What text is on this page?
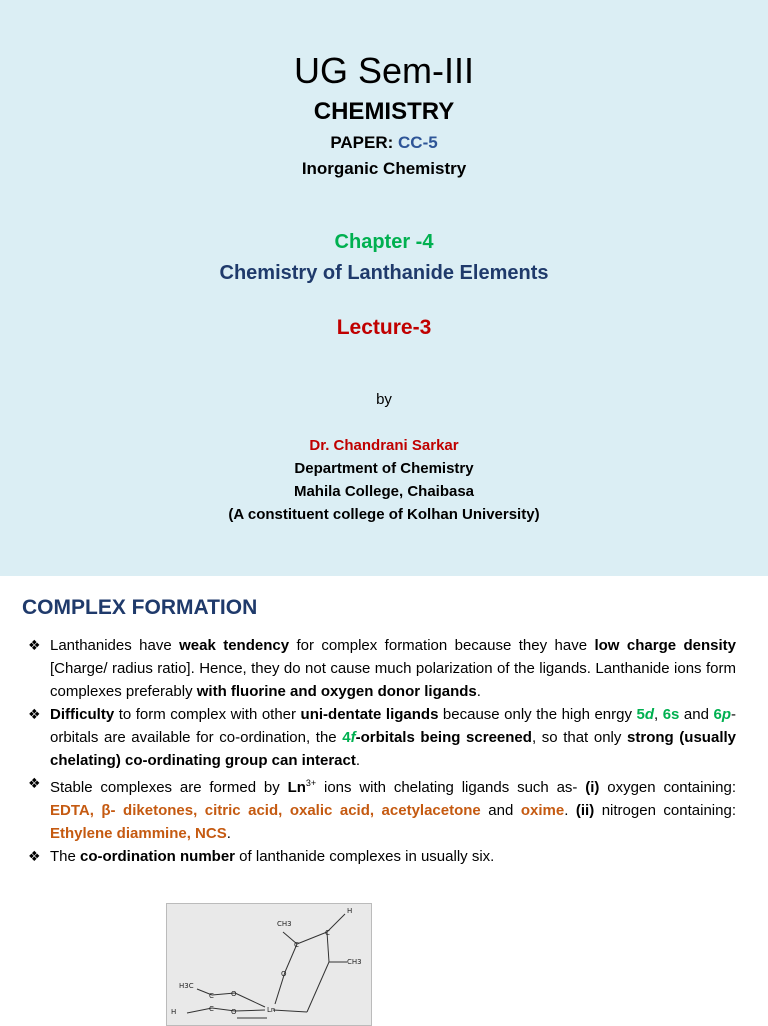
UG Sem-III
CHEMISTRY
PAPER: CC-5
Inorganic Chemistry
Chapter -4
Chemistry of Lanthanide Elements
Lecture-3
by
Dr. Chandrani Sarkar
Department of Chemistry
Mahila College, Chaibasa
(A constituent college of Kolhan University)
COMPLEX FORMATION
❖ Lanthanides have weak tendency for complex formation because they have low charge density [Charge/ radius ratio]. Hence, they do not cause much polarization of the ligands. Lanthanide ions form complexes preferably with fluorine and oxygen donor ligands.
❖ Difficulty to form complex with other uni-dentate ligands because only the high enrgy 5d, 6s and 6p- orbitals are available for co-ordination, the 4f-orbitals being screened, so that only strong (usually chelating) co-ordinating group can interact.
❖ Stable complexes are formed by $Ln^{3+}$ ions with chelating ligands such as- (i) oxygen containing:  EDTA, β- diketones, citric acid, oxalic acid, acetylacetone and oxime. (ii) nitrogen containing: Ethylene diammine, NCS.
❖ The co-ordination number of lanthanide complexes in usually six.
CH3
H
CH3
H3C
H	Ln
O
O
O
C
C
C
C
